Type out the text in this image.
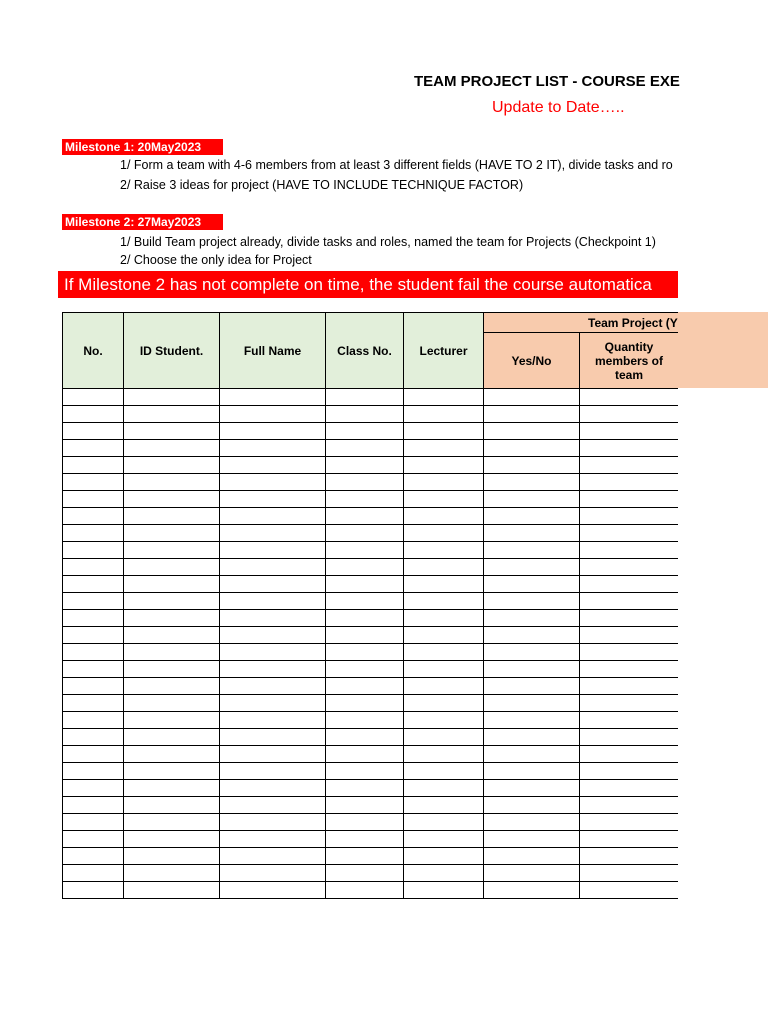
TEAM PROJECT LIST - COURSE EXE
Update to Date…..
Milestone 1: 20May2023
1/ Form a team with 4-6 members from at least 3 different fields (HAVE TO 2 IT), divide tasks and ro
2/ Raise 3 ideas for project (HAVE TO INCLUDE TECHNIQUE FACTOR)
Milestone 2: 27May2023
1/ Build Team project already, divide tasks and roles, named the team for Projects (Checkpoint 1)
2/ Choose the only idea for Project
If Milestone 2 has not complete on time, the student fail the course automatica
No.	ID Student.	Full Name	Class No.	Lecturer	Team Project (Y		
					Yes/No	Quantity members of team	
